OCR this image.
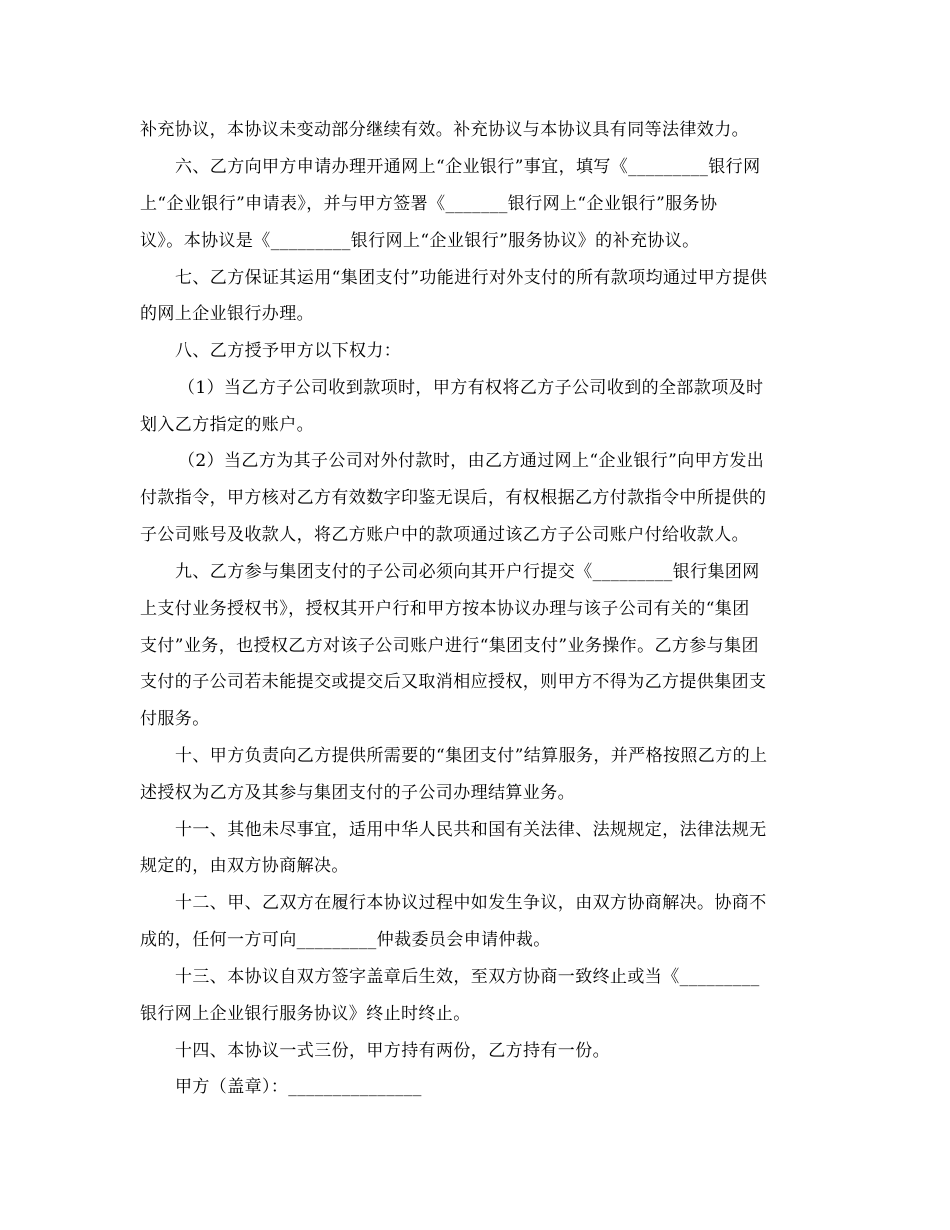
补充协议，本协议未变动部分继续有效。补充协议与本协议具有同等法律效力。
六、乙方向甲方申请办理开通网上“企业银行”事宜，填写《_________银行网
上“企业银行”申请表》，并与甲方签署《_______银行网上“企业银行”服务协
议》。本协议是《_________银行网上“企业银行”服务协议》的补充协议。
七、乙方保证其运用“集团支付”功能进行对外支付的所有款项均通过甲方提供
的网上企业银行办理。
八、乙方授予甲方以下权力：
（1）当乙方子公司收到款项时，甲方有权将乙方子公司收到的全部款项及时
划入乙方指定的账户。
（2）当乙方为其子公司对外付款时，由乙方通过网上“企业银行”向甲方发出
付款指令，甲方核对乙方有效数字印鉴无误后，有权根据乙方付款指令中所提供的
子公司账号及收款人，将乙方账户中的款项通过该乙方子公司账户付给收款人。
九、乙方参与集团支付的子公司必须向其开户行提交《_________银行集团网
上支付业务授权书》，授权其开户行和甲方按本协议办理与该子公司有关的“集团
支付”业务，也授权乙方对该子公司账户进行“集团支付”业务操作。乙方参与集团
支付的子公司若未能提交或提交后又取消相应授权，则甲方不得为乙方提供集团支
付服务。
十、甲方负责向乙方提供所需要的“集团支付”结算服务，并严格按照乙方的上
述授权为乙方及其参与集团支付的子公司办理结算业务。
十一、其他未尽事宜，适用中华人民共和国有关法律、法规规定，法律法规无
规定的，由双方协商解决。
十二、甲、乙双方在履行本协议过程中如发生争议，由双方协商解决。协商不
成的，任何一方可向_________仲裁委员会申请仲裁。
十三、本协议自双方签字盖章后生效，至双方协商一致终止或当《_________
银行网上企业银行服务协议》终止时终止。
十四、本协议一式三份，甲方持有两份，乙方持有一份。
甲方（盖章）：_______________
